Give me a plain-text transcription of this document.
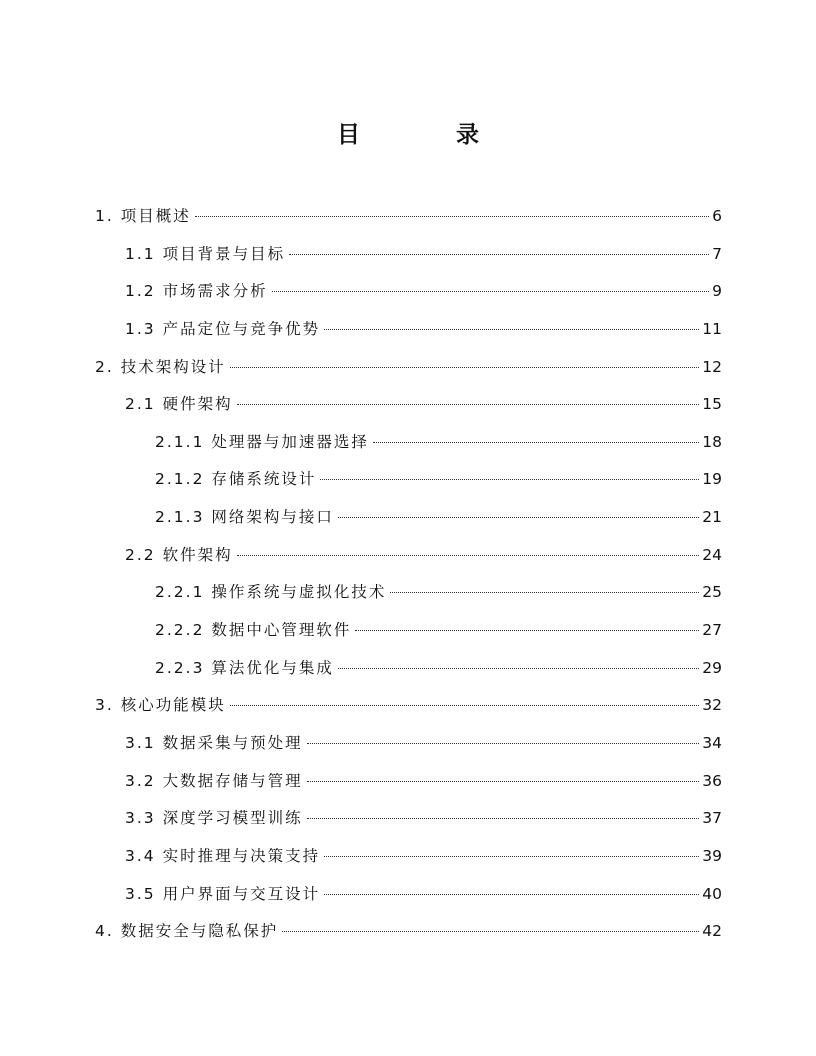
目 录
1. 项目概述	6
1.1 项目背景与目标	7
1.2 市场需求分析	9
1.3 产品定位与竞争优势	11
2. 技术架构设计	12
2.1 硬件架构	15
2.1.1 处理器与加速器选择	18
2.1.2 存储系统设计	19
2.1.3 网络架构与接口	21
2.2 软件架构	24
2.2.1 操作系统与虚拟化技术	25
2.2.2 数据中心管理软件	27
2.2.3 算法优化与集成	29
3. 核心功能模块	32
3.1 数据采集与预处理	34
3.2 大数据存储与管理	36
3.3 深度学习模型训练	37
3.4 实时推理与决策支持	39
3.5 用户界面与交互设计	40
4. 数据安全与隐私保护	42
